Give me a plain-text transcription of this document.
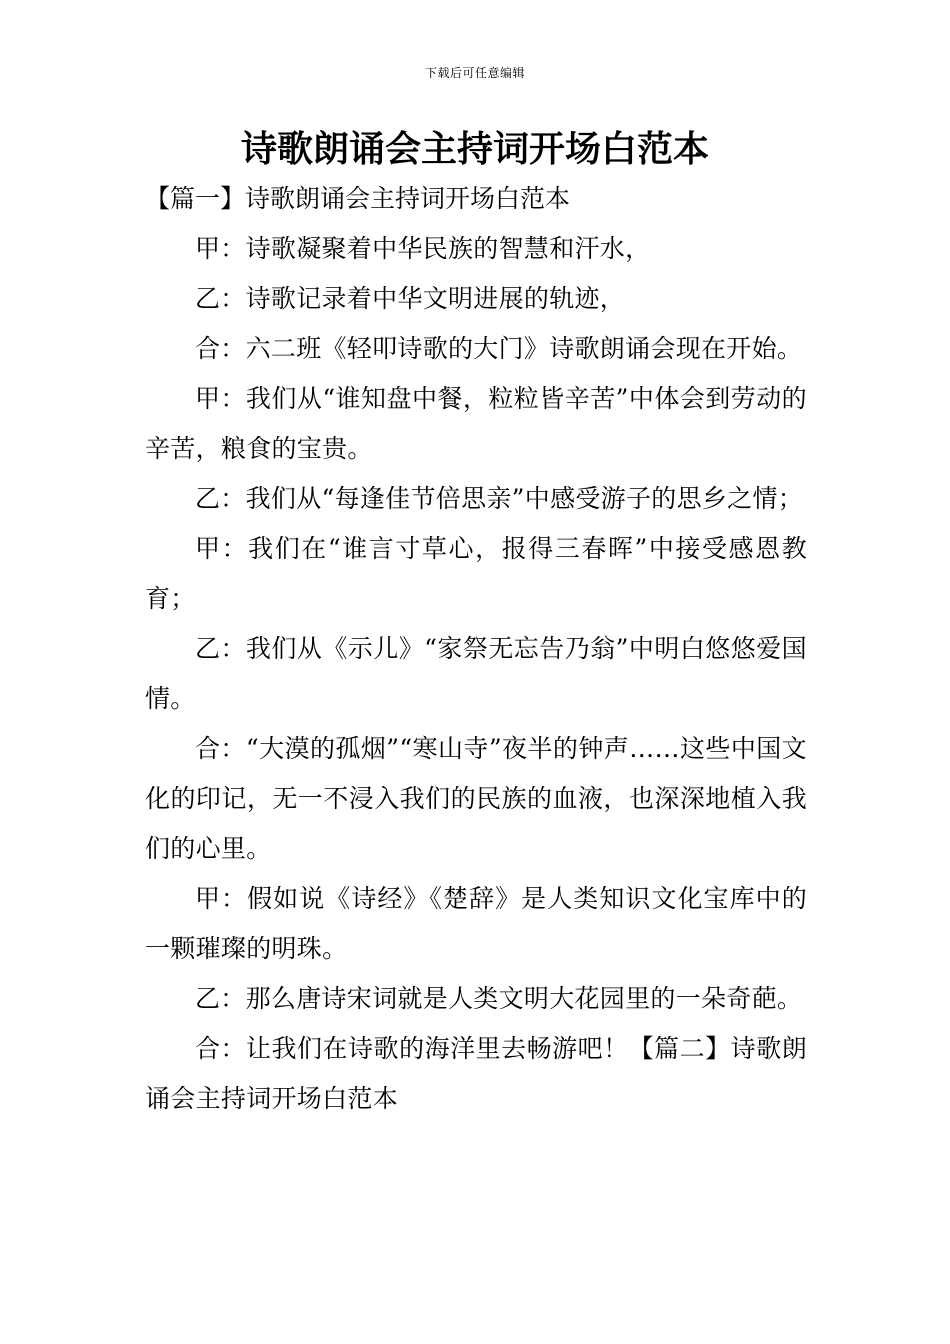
下载后可任意编辑
诗歌朗诵会主持词开场白范本

【篇一】诗歌朗诵会主持词开场白范本

甲：诗歌凝聚着中华民族的智慧和汗水，

乙：诗歌记录着中华文明进展的轨迹，

合：六二班《轻叩诗歌的大门》诗歌朗诵会现在开始。

甲：我们从“谁知盘中餐，粒粒皆辛苦”中体会到劳动的辛苦，粮食的宝贵。

乙：我们从“每逢佳节倍思亲”中感受游子的思乡之情；

甲：我们在“谁言寸草心，报得三春晖”中接受感恩教育；

乙：我们从《示儿》“家祭无忘告乃翁”中明白悠悠爱国情。

合：“大漠的孤烟”“寒山寺”夜半的钟声……这些中国文化的印记，无一不浸入我们的民族的血液，也深深地植入我们的心里。

甲：假如说《诗经》《楚辞》是人类知识文化宝库中的一颗璀璨的明珠。

乙：那么唐诗宋词就是人类文明大花园里的一朵奇葩。

合：让我们在诗歌的海洋里去畅游吧！【篇二】诗歌朗诵会主持词开场白范本
